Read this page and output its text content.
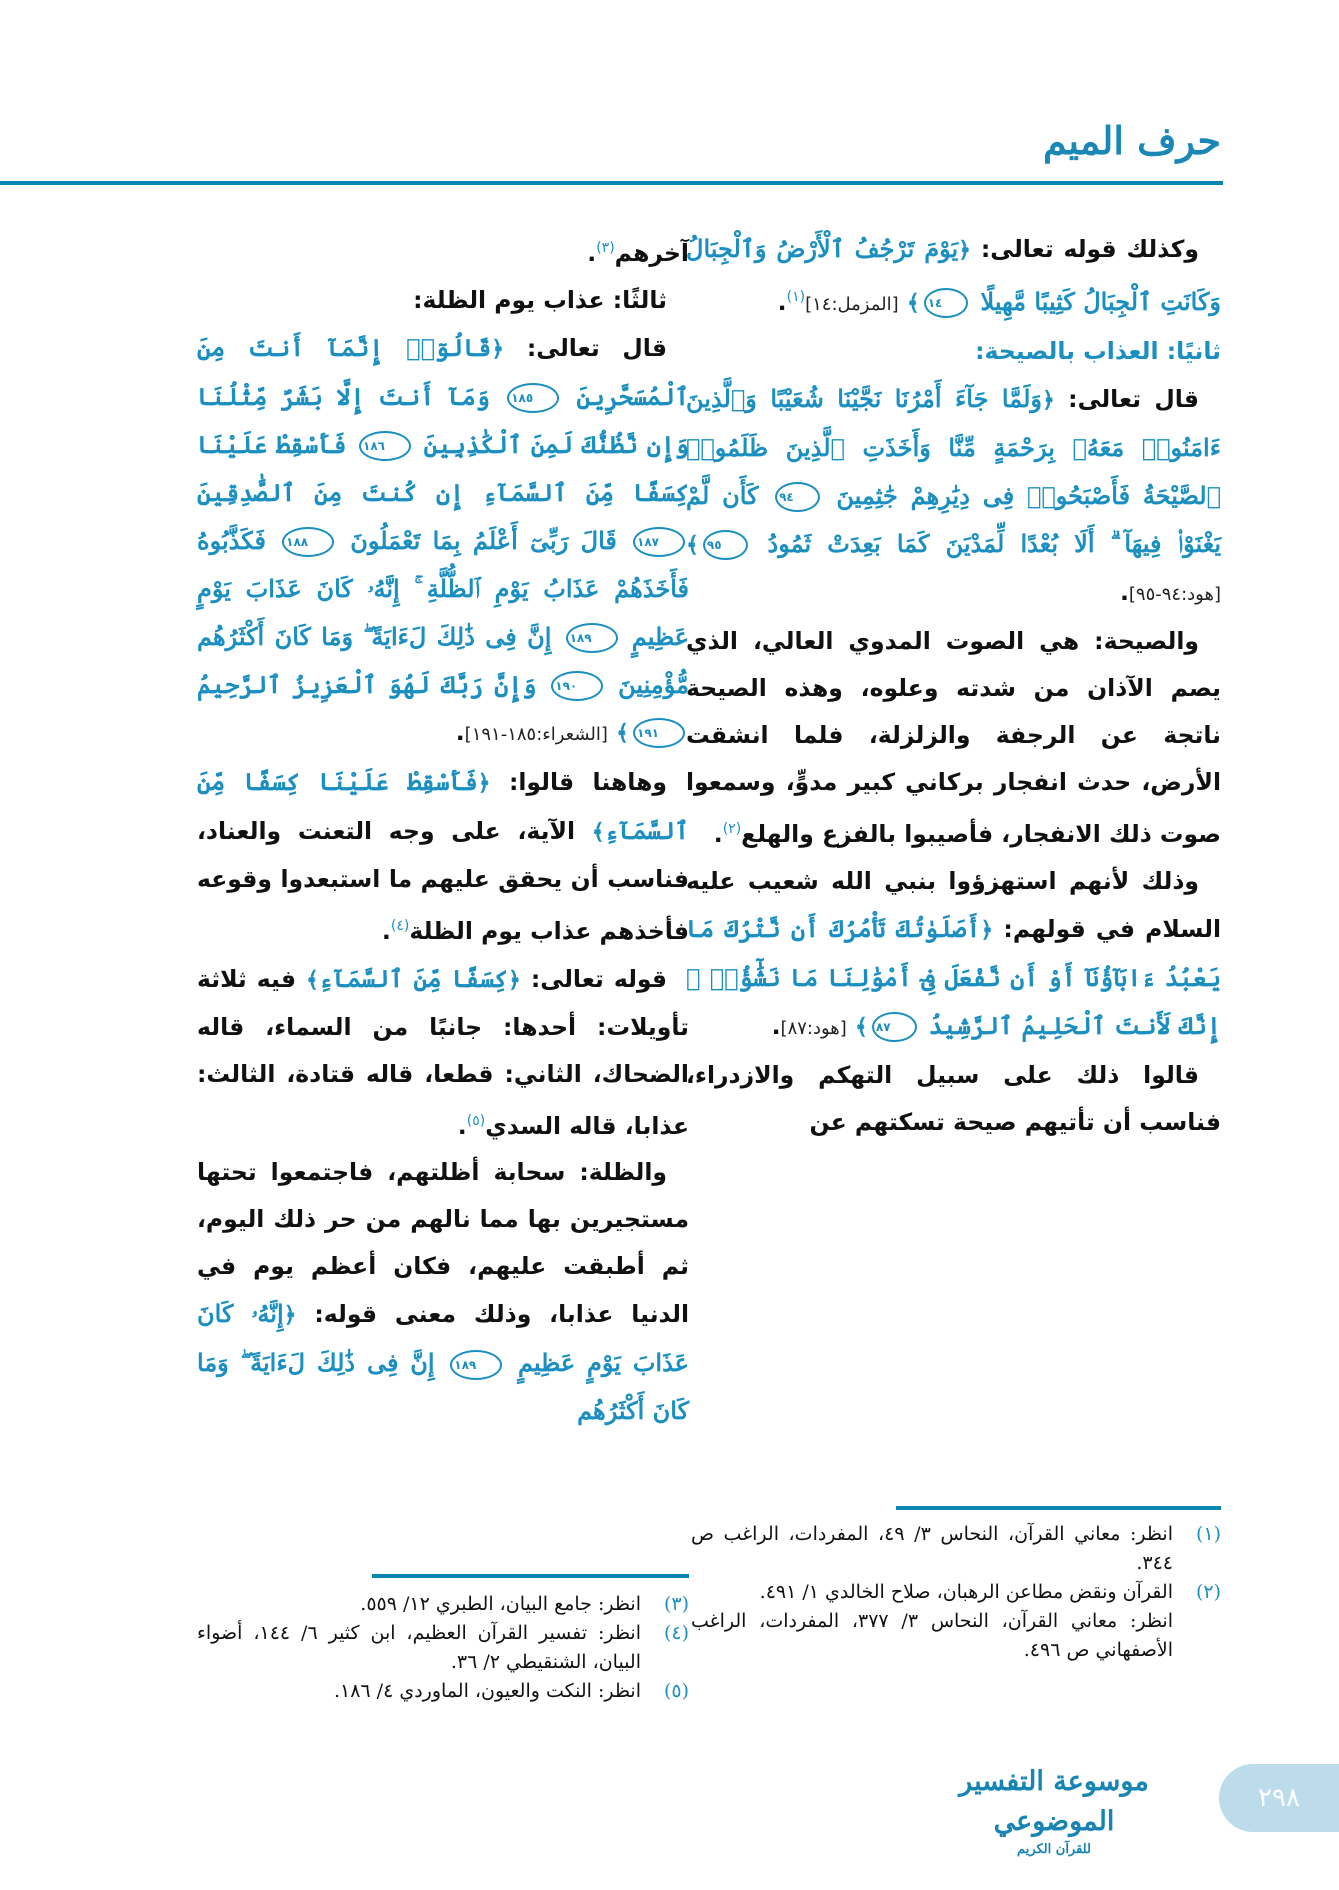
حرف الميم

وكذلك قوله تعالى: ﴿يَوْمَ تَرْجُفُ ٱلْأَرْضُ وَٱلْجِبَالُ وَكَانَتِ ٱلْجِبَالُ كَثِيبًا مَّهِيلًا ١٤﴾ [المزمل:١٤]$^{(١)}$.

ثانيًا: العذاب بالصيحة:

قال تعالى: ﴿وَلَمَّا جَآءَ أَمْرُنَا نَجَّيْنَا شُعَيْبًا وَٱلَّذِينَ ءَامَنُوا۟ مَعَهُۥ بِرَحْمَةٍ مِّنَّا وَأَخَذَتِ ٱلَّذِينَ ظَلَمُوا۟ ٱلصَّيْحَةُ فَأَصْبَحُوا۟ فِى دِيَٰرِهِمْ جَٰثِمِينَ ٩٤ كَأَن لَّمْ يَغْنَوْا۟ فِيهَآ ۗ أَلَا بُعْدًا لِّمَدْيَنَ كَمَا بَعِدَتْ ثَمُودُ ٩٥﴾ [هود:٩٤-٩٥].

والصيحة: هي الصوت المدوي العالي، الذي يصم الآذان من شدته وعلوه، وهذه الصيحة ناتجة عن الرجفة والزلزلة، فلما انشقت الأرض، حدث انفجار بركاني كبير مدوٍّ، وسمعوا صوت ذلك الانفجار، فأصيبوا بالفزع والهلع$^{(٢)}$.

وذلك لأنهم استهزؤوا بنبي الله شعيب عليه السلام في قولهم: ﴿أَصَلَوٰتُكَ تَأْمُرُكَ أَن نَّتْرُكَ مَا يَعْبُدُ ءَابَآؤُنَآ أَوْ أَن نَّفْعَلَ فِىٓ أَمْوَٰلِنَا مَا نَشَٰٓؤُا۟ ۖ إِنَّكَ لَأَنتَ ٱلْحَلِيمُ ٱلرَّشِيدُ ٨٧﴾ [هود:٨٧].

قالوا ذلك على سبيل التهكم والازدراء، فناسب أن تأتيهم صيحة تسكتهم عن

آخرهم$^{(٣)}$.

ثالثًا: عذاب يوم الظلة:

قال تعالى: ﴿قَالُوٓا۟ إِنَّمَآ أَنتَ مِنَ ٱلْمُسَحَّرِينَ ١٨٥ وَمَآ أَنتَ إِلَّا بَشَرٌ مِّثْلُنَا وَإِن نَّظُنُّكَ لَمِنَ ٱلْكَٰذِبِينَ ١٨٦ فَأَسْقِطْ عَلَيْنَا كِسَفًا مِّنَ ٱلسَّمَآءِ إِن كُنتَ مِنَ ٱلصَّٰدِقِينَ ١٨٧ قَالَ رَبِّىٓ أَعْلَمُ بِمَا تَعْمَلُونَ ١٨٨ فَكَذَّبُوهُ فَأَخَذَهُمْ عَذَابُ يَوْمِ ٱلظُّلَّةِ ۚ إِنَّهُۥ كَانَ عَذَابَ يَوْمٍ عَظِيمٍ ١٨٩ إِنَّ فِى ذَٰلِكَ لَءَايَةً ۖ وَمَا كَانَ أَكْثَرُهُم مُّؤْمِنِينَ ١٩٠ وَإِنَّ رَبَّكَ لَهُوَ ٱلْعَزِيزُ ٱلرَّحِيمُ ١٩١﴾ [الشعراء:١٨٥-١٩١].

وهاهنا قالوا: ﴿فَأَسْقِطْ عَلَيْنَا كِسَفًا مِّنَ ٱلسَّمَآءِ﴾ الآية، على وجه التعنت والعناد، فناسب أن يحقق عليهم ما استبعدوا وقوعه فأخذهم عذاب يوم الظلة$^{(٤)}$.

قوله تعالى: ﴿كِسَفًا مِّنَ ٱلسَّمَآءِ﴾ فيه ثلاثة تأويلات: أحدها: جانبًا من السماء، قاله الضحاك، الثاني: قطعا، قاله قتادة، الثالث: عذابا، قاله السدي$^{(٥)}$.

والظلة: سحابة أظلتهم، فاجتمعوا تحتها مستجيرين بها مما نالهم من حر ذلك اليوم، ثم أطبقت عليهم، فكان أعظم يوم في الدنيا عذابا، وذلك معنى قوله: ﴿إِنَّهُۥ كَانَ عَذَابَ يَوْمٍ عَظِيمٍ ١٨٩ إِنَّ فِى ذَٰلِكَ لَءَايَةً ۖ وَمَا كَانَ أَكْثَرُهُم

(١)
انظر: معاني القرآن، النحاس ٣/ ٤٩، المفردات، الراغب ص ٣٤٤.
(٢)
القرآن ونقض مطاعن الرهبان، صلاح الخالدي ١/ ٤٩١.
انظر: معاني القرآن، النحاس ٣/ ٣٧٧، المفردات، الراغب الأصفهاني ص ٤٩٦.
(٣)
انظر: جامع البيان، الطبري ١٢/ ٥٥٩.
(٤)
انظر: تفسير القرآن العظيم، ابن كثير ٦/ ١٤٤، أضواء البيان، الشنقيطي ٢/ ٣٦.
(٥)
انظر: النكت والعيون، الماوردي ٤/ ١٨٦.
موسوعة التفسير الموضوعي
للقرآن الكريم
٢٩٨
